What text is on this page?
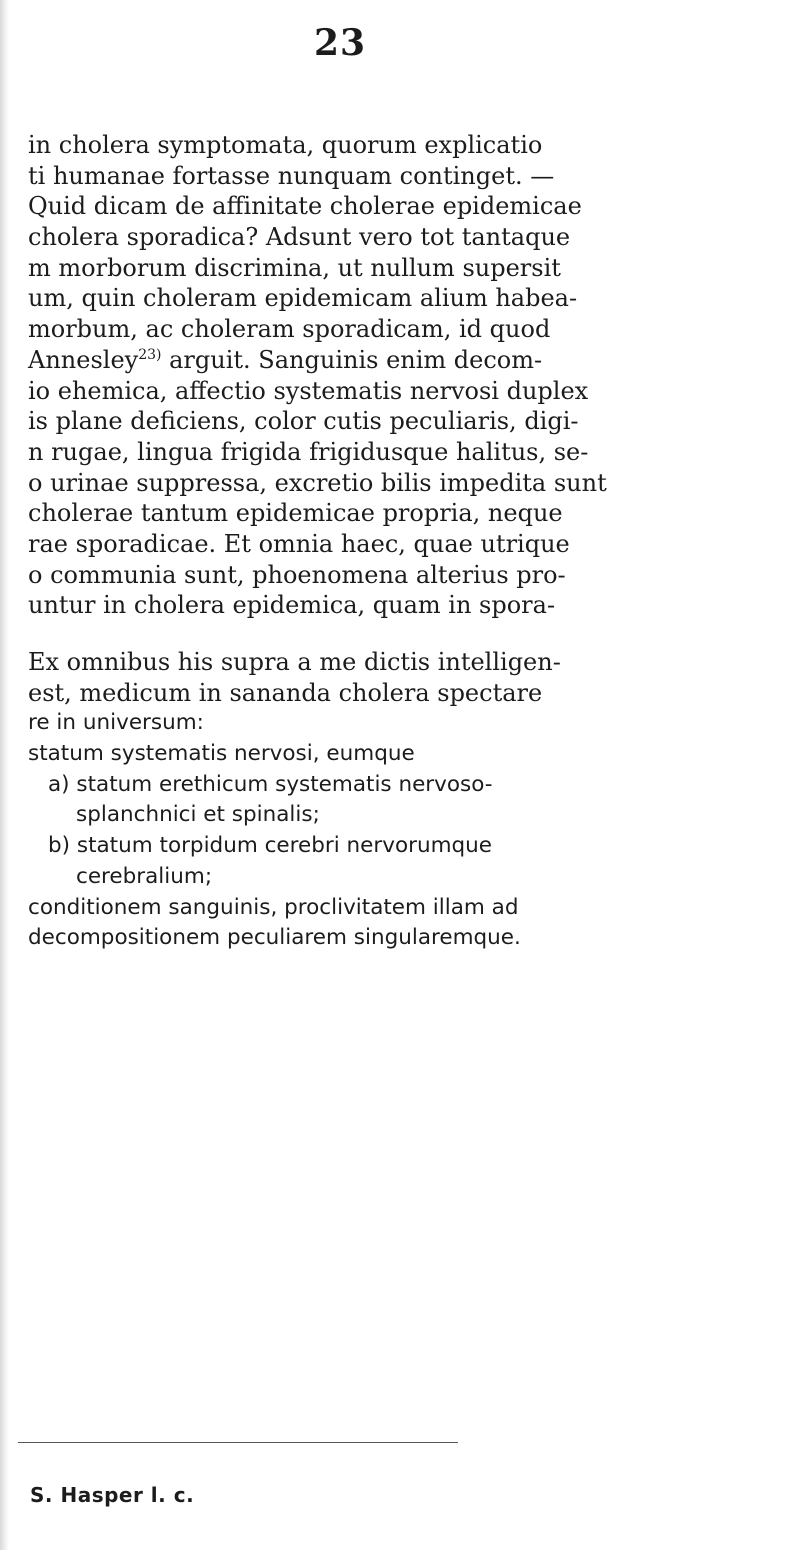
23
in cholera symptomata, quorum explicatio
ti humanae fortasse nunquam continget. —
Quid dicam de affinitate cholerae epidemicae
cholera sporadica? Adsunt vero tot tantaque
m morborum discrimina, ut nullum supersit
um, quin choleram epidemicam alium habea-
morbum, ac choleram sporadicam, id quod
Annesley$^{23)}$ arguit. Sanguinis enim decom-
io ehemica, affectio systematis nervosi duplex
is plane deficiens, color cutis peculiaris, digi-
n rugae, lingua frigida frigidusque halitus, se-
o urinae suppressa, excretio bilis impedita sunt
cholerae tantum epidemicae propria, neque
rae sporadicae. Et omnia haec, quae utrique
o communia sunt, phoenomena alterius pro-
untur in cholera epidemica, quam in spora-
Ex omnibus his supra a me dictis intelligen-
est, medicum in sananda cholera spectare
re in universum:
statum systematis nervosi, eumque
a) statum erethicum systematis nervoso-
splanchnici et spinalis;
b) statum torpidum cerebri nervorumque
cerebralium;
conditionem sanguinis, proclivitatem illam ad
decompositionem peculiarem singularemque.
S. Hasper l. c.
